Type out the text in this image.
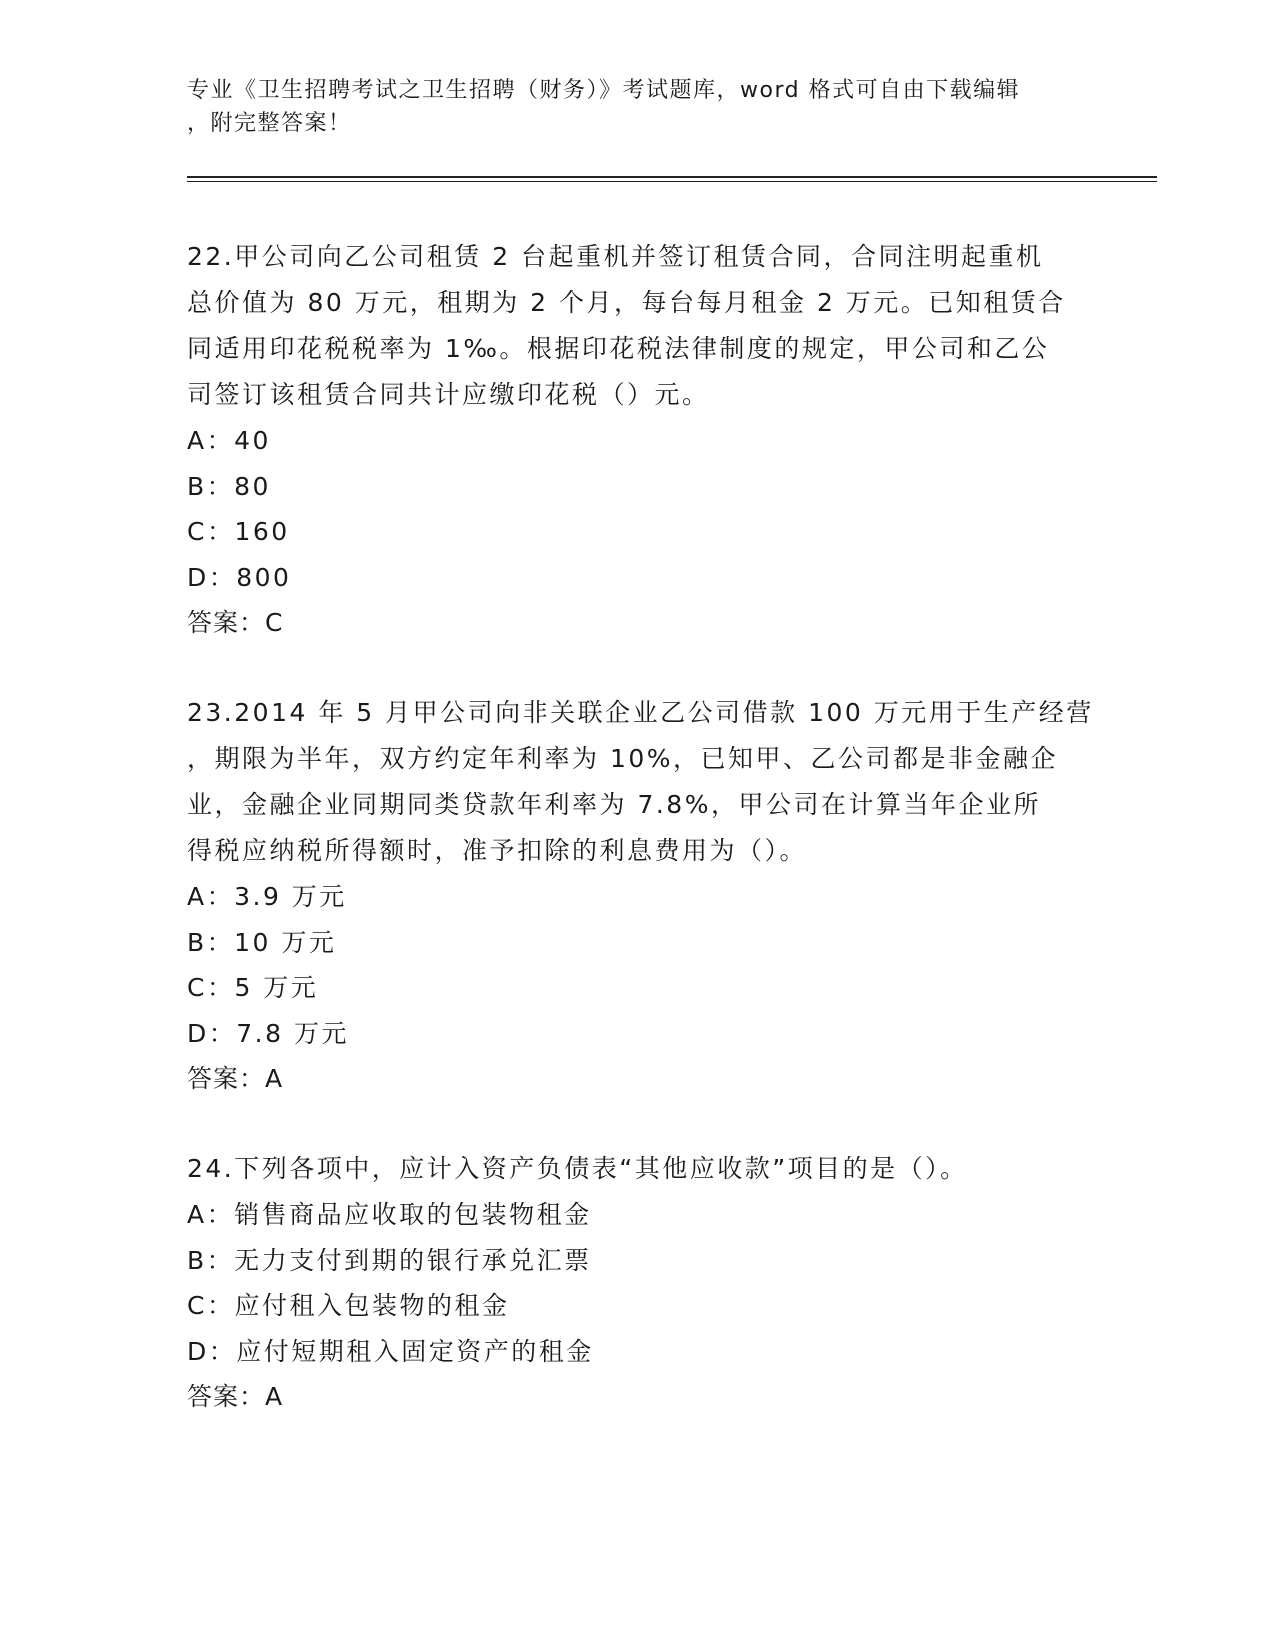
专业《卫生招聘考试之卫生招聘（财务）》考试题库，word 格式可自由下载编辑
，附完整答案！
22.甲公司向乙公司租赁 2 台起重机并签订租赁合同，合同注明起重机
总价值为 80 万元，租期为 2 个月，每台每月租金 2 万元。已知租赁合
同适用印花税税率为 1‰。根据印花税法律制度的规定，甲公司和乙公
司签订该租赁合同共计应缴印花税（）元。
A：40
B：80
C：160
D：800
答案：C
23.2014 年 5 月甲公司向非关联企业乙公司借款 100 万元用于生产经营
，期限为半年，双方约定年利率为 10%，已知甲、乙公司都是非金融企
业，金融企业同期同类贷款年利率为 7.8%，甲公司在计算当年企业所
得税应纳税所得额时，准予扣除的利息费用为（）。
A：3.9 万元
B：10 万元
C：5 万元
D：7.8 万元
答案：A
24.下列各项中，应计入资产负债表“其他应收款”项目的是（）。
A：销售商品应收取的包装物租金
B：无力支付到期的银行承兑汇票
C：应付租入包装物的租金
D：应付短期租入固定资产的租金
答案：A
